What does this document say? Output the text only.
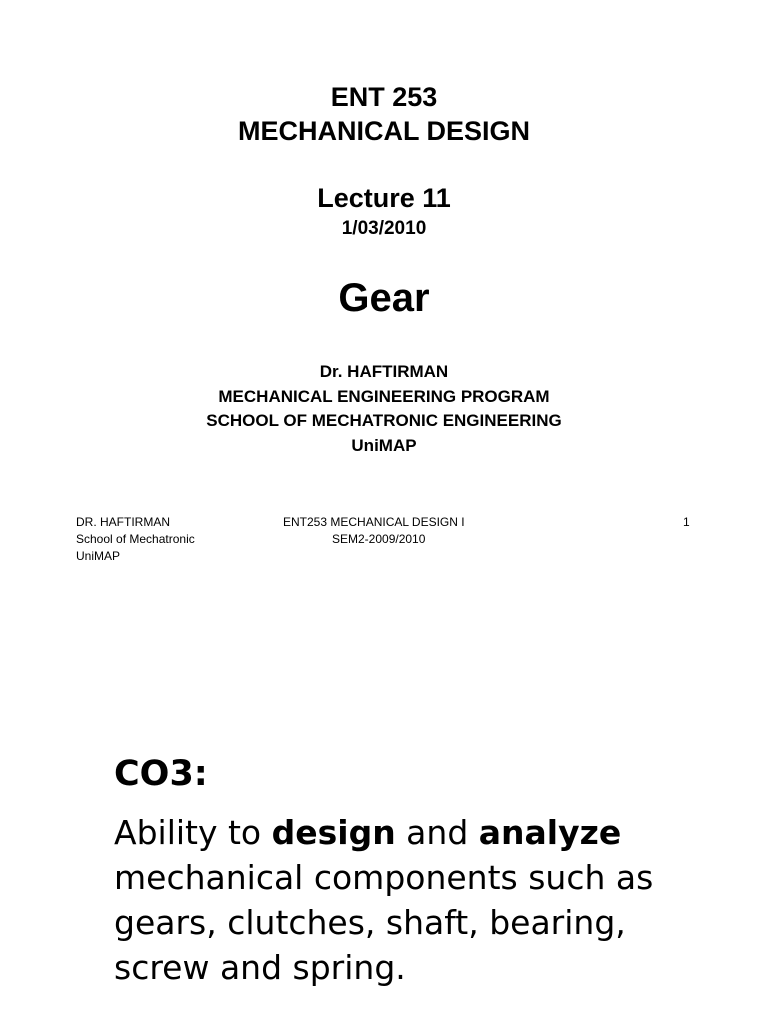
ENT 253
MECHANICAL DESIGN
Lecture 11
1/03/2010
Gear
Dr. HAFTIRMAN
MECHANICAL ENGINEERING PROGRAM
SCHOOL OF MECHATRONIC ENGINEERING
UniMAP
DR. HAFTIRMAN
School of Mechatronic
UniMAP
ENT253 MECHANICAL DESIGN I
SEM2-2009/2010
1
CO3:
Ability to design and analyze
mechanical components such as
gears, clutches, shaft, bearing,
screw and spring.
